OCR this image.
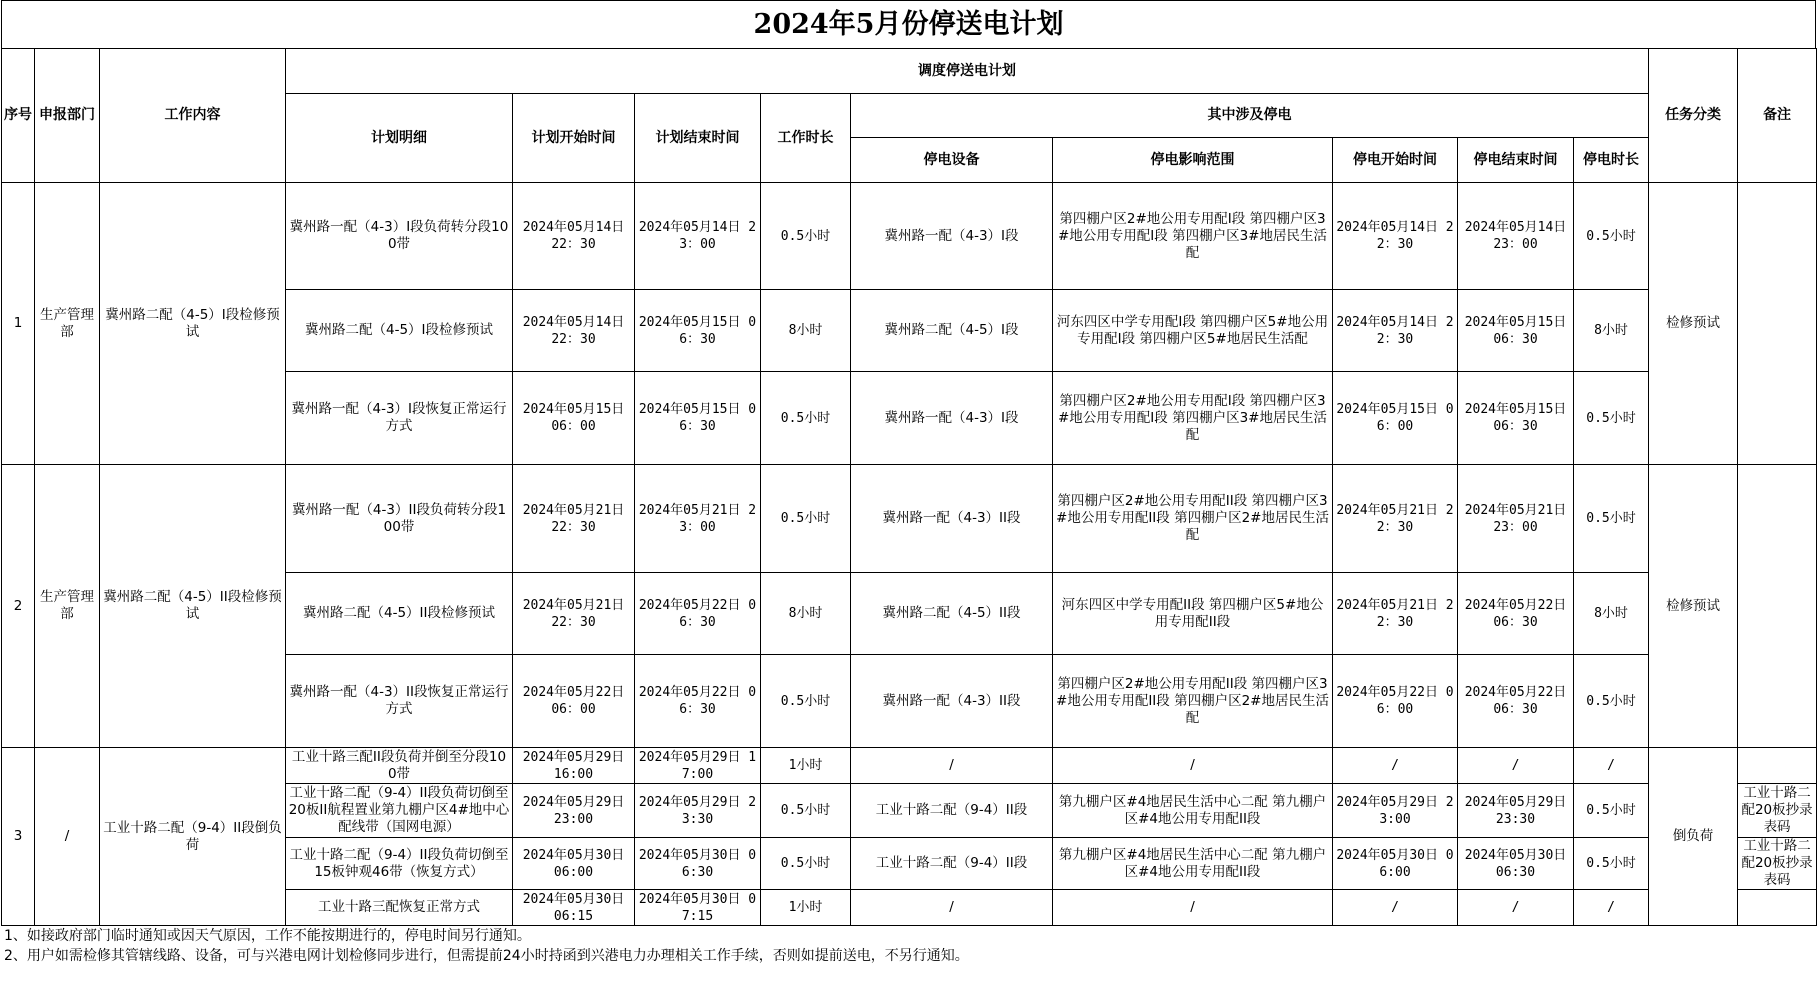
2024年5月份停送电计划
序号	申报部门	工作内容	调度停送电计划									任务分类	备注
			计划明细	计划开始时间	计划结束时间	工作时长	其中涉及停电						
							停电设备	停电影响范围	停电开始时间	停电结束时间	停电时长		
1	生产管理部	冀州路二配（4-5）I段检修预试	冀州路一配（4-3）I段负荷转分段100带	2024年05月14日 22：30	2024年05月14日 23：00	0.5小时	冀州路一配（4-3）I段	第四棚户区2#地公用专用配I段 第四棚户区3#地公用专用配I段 第四棚户区3#地居民生活配	2024年05月14日 22：30	2024年05月14日 23：00	0.5小时	检修预试	
			冀州路二配（4-5）I段检修预试	2024年05月14日 22：30	2024年05月15日 06：30	8小时	冀州路二配（4-5）I段	河东四区中学专用配I段 第四棚户区5#地公用专用配I段 第四棚户区5#地居民生活配	2024年05月14日 22：30	2024年05月15日 06：30	8小时		
			冀州路一配（4-3）I段恢复正常运行方式	2024年05月15日 06：00	2024年05月15日 06：30	0.5小时	冀州路一配（4-3）I段	第四棚户区2#地公用专用配I段 第四棚户区3#地公用专用配I段 第四棚户区3#地居民生活配	2024年05月15日 06：00	2024年05月15日 06：30	0.5小时		
2	生产管理部	冀州路二配（4-5）II段检修预试	冀州路一配（4-3）II段负荷转分段100带	2024年05月21日 22：30	2024年05月21日 23：00	0.5小时	冀州路一配（4-3）II段	第四棚户区2#地公用专用配II段 第四棚户区3#地公用专用配II段 第四棚户区2#地居民生活配	2024年05月21日 22：30	2024年05月21日 23：00	0.5小时	检修预试	
			冀州路二配（4-5）II段检修预试	2024年05月21日 22：30	2024年05月22日 06：30	8小时	冀州路二配（4-5）II段	河东四区中学专用配II段 第四棚户区5#地公用专用配II段	2024年05月21日 22：30	2024年05月22日 06：30	8小时		
			冀州路一配（4-3）II段恢复正常运行方式	2024年05月22日 06：00	2024年05月22日 06：30	0.5小时	冀州路一配（4-3）II段	第四棚户区2#地公用专用配II段 第四棚户区3#地公用专用配II段 第四棚户区2#地居民生活配	2024年05月22日 06：00	2024年05月22日 06：30	0.5小时		
3	/	工业十路二配（9-4）II段倒负荷	工业十路三配II段负荷并倒至分段100带	2024年05月29日 16:00	2024年05月29日 17:00	1小时	/	/	/	/	/	倒负荷	
			工业十路二配（9-4）II段负荷切倒至20板II航程置业第九棚户区4#地中心配线带（国网电源）	2024年05月29日 23:00	2024年05月29日 23:30	0.5小时	工业十路二配（9-4）II段	第九棚户区#4地居民生活中心二配 第九棚户区#4地公用专用配II段	2024年05月29日 23:00	2024年05月29日 23:30	0.5小时		工业十路二配20板抄录表码
			工业十路二配（9-4）II段负荷切倒至15板钟观46带（恢复方式）	2024年05月30日 06:00	2024年05月30日 06:30	0.5小时	工业十路二配（9-4）II段	第九棚户区#4地居民生活中心二配 第九棚户区#4地公用专用配II段	2024年05月30日 06:00	2024年05月30日 06:30	0.5小时		工业十路二配20板抄录表码
			工业十路三配恢复正常方式	2024年05月30日 06:15	2024年05月30日 07:15	1小时	/	/	/	/	/		
1、如接政府部门临时通知或因天气原因，工作不能按期进行的，停电时间另行通知。
2、用户如需检修其管辖线路、设备，可与兴港电网计划检修同步进行，但需提前24小时持函到兴港电力办理相关工作手续，否则如提前送电，不另行通知。
